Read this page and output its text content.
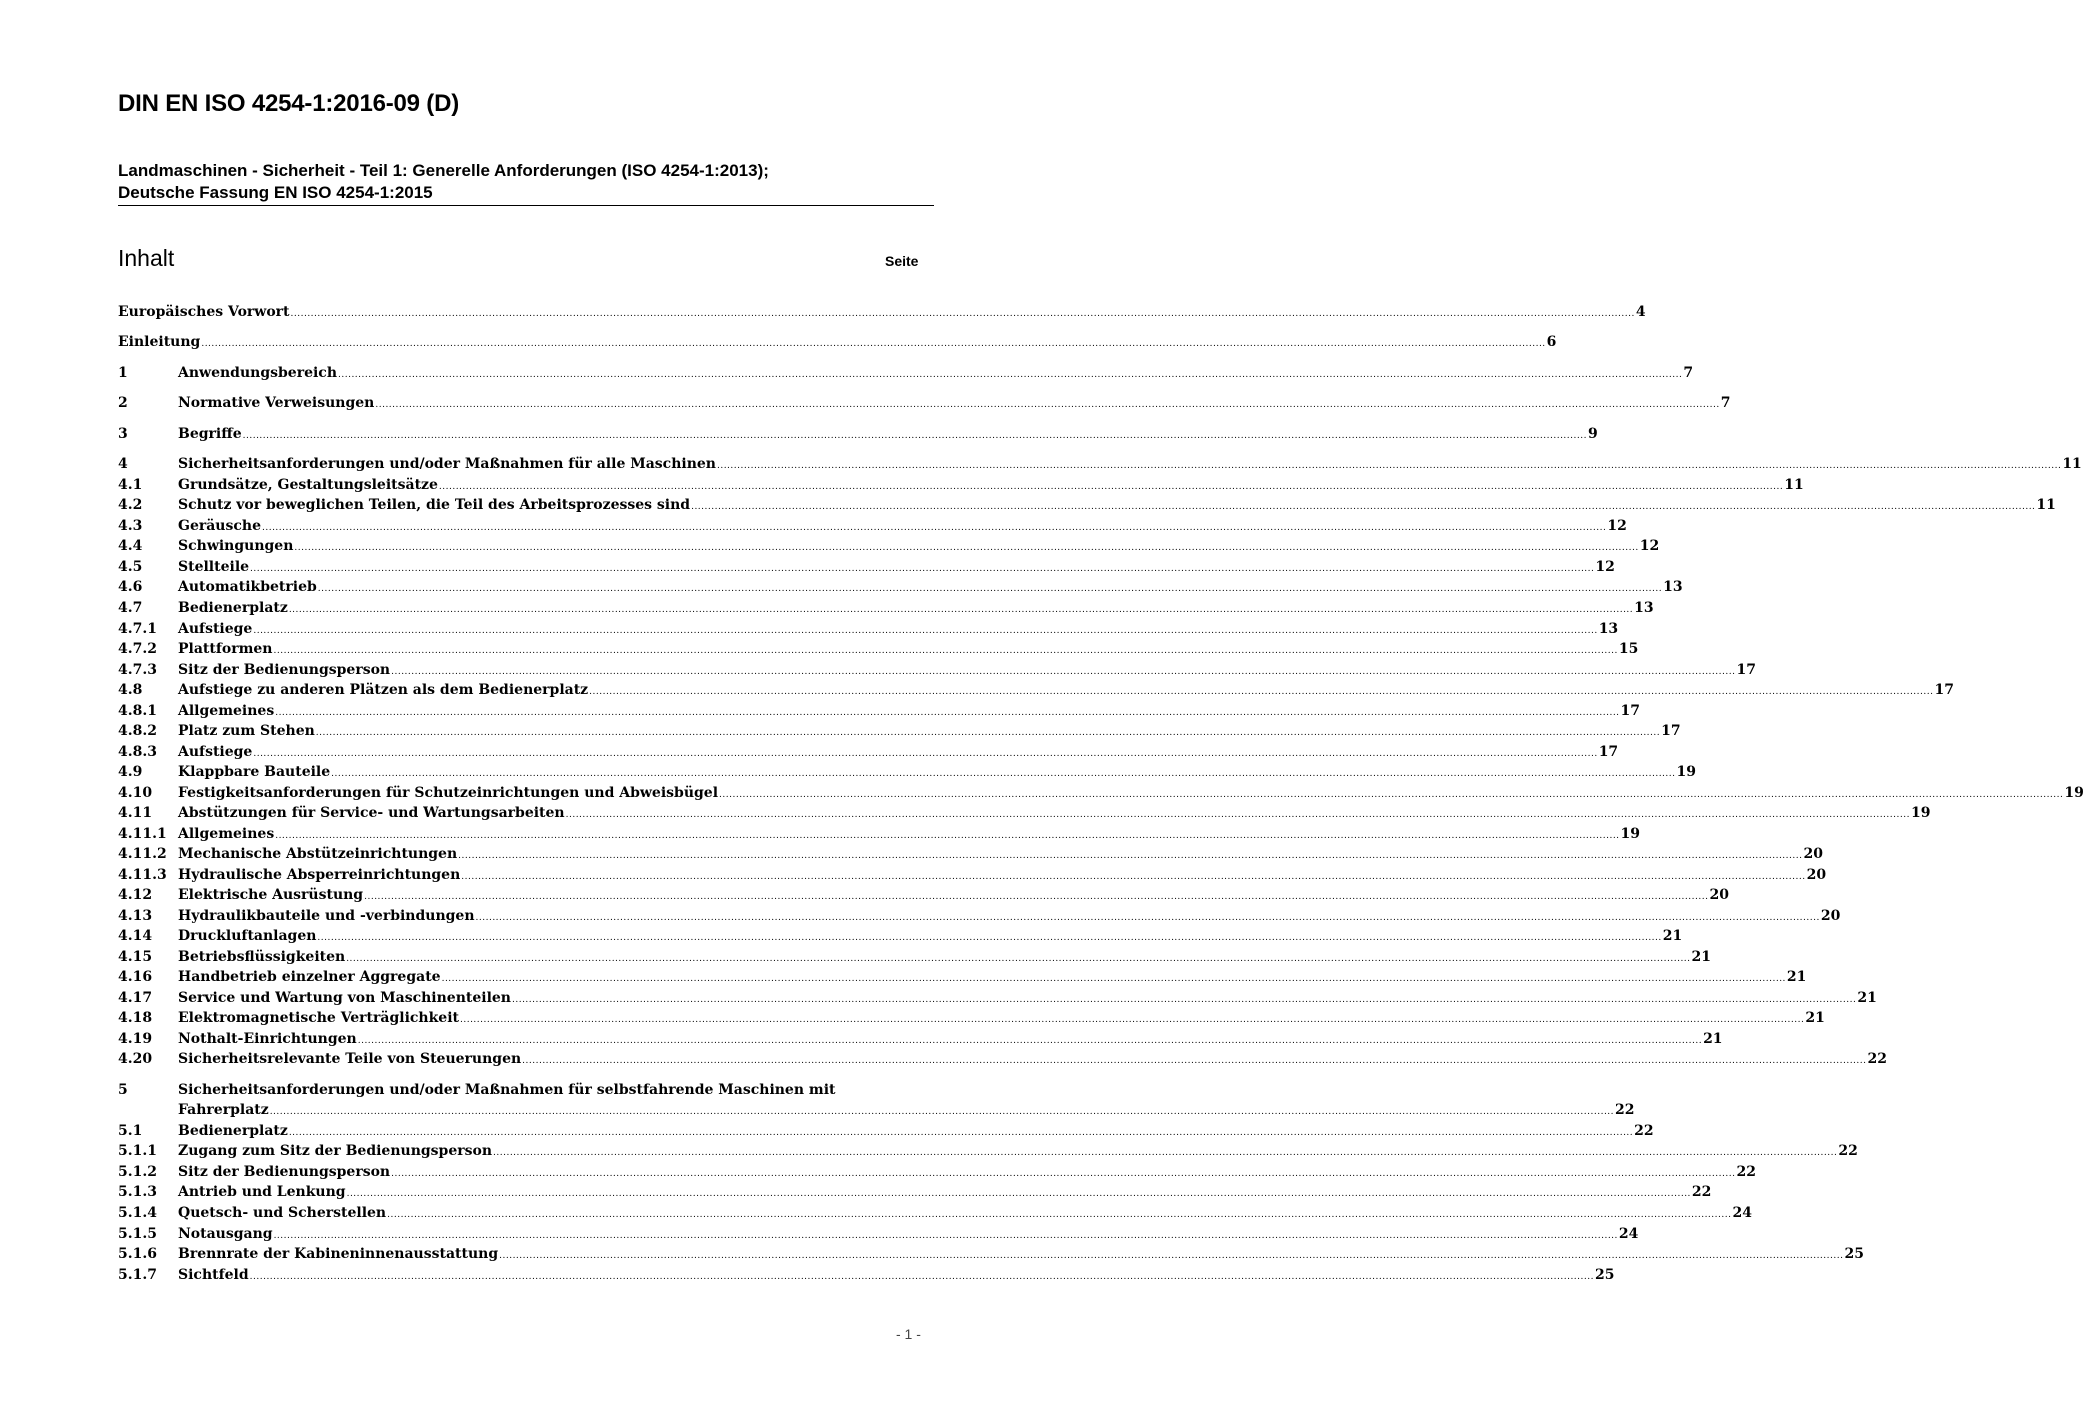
DIN EN ISO 4254-1:2016-09 (D)
Landmaschinen - Sicherheit - Teil 1: Generelle Anforderungen (ISO 4254-1:2013);
Deutsche Fassung EN ISO 4254-1:2015
Inhalt	Seite
Europäisches Vorwort ................................................................................................................................................................................................................................................................................................................................................................................................................ 4
Einleitung ................................................................................................................................................................................................................................................................................................................................................................................................................ 6
1	Anwendungsbereich ................................................................................................................................................................................................................................................................................................................................................................................................................ 7
2	Normative Verweisungen ................................................................................................................................................................................................................................................................................................................................................................................................................ 7
3	Begriffe ................................................................................................................................................................................................................................................................................................................................................................................................................ 9
4	Sicherheitsanforderungen und/oder Maßnahmen für alle Maschinen ................................................................................................................................................................................................................................................................................................................................................................................................................ 11
4.1	Grundsätze, Gestaltungsleitsätze ................................................................................................................................................................................................................................................................................................................................................................................................................ 11
4.2	Schutz vor beweglichen Teilen, die Teil des Arbeitsprozesses sind ................................................................................................................................................................................................................................................................................................................................................................................................................ 11
4.3	Geräusche ................................................................................................................................................................................................................................................................................................................................................................................................................ 12
4.4	Schwingungen ................................................................................................................................................................................................................................................................................................................................................................................................................ 12
4.5	Stellteile ................................................................................................................................................................................................................................................................................................................................................................................................................ 12
4.6	Automatikbetrieb ................................................................................................................................................................................................................................................................................................................................................................................................................ 13
4.7	Bedienerplatz ................................................................................................................................................................................................................................................................................................................................................................................................................ 13
4.7.1	Aufstiege ................................................................................................................................................................................................................................................................................................................................................................................................................ 13
4.7.2	Plattformen ................................................................................................................................................................................................................................................................................................................................................................................................................ 15
4.7.3	Sitz der Bedienungsperson ................................................................................................................................................................................................................................................................................................................................................................................................................ 17
4.8	Aufstiege zu anderen Plätzen als dem Bedienerplatz ................................................................................................................................................................................................................................................................................................................................................................................................................ 17
4.8.1	Allgemeines ................................................................................................................................................................................................................................................................................................................................................................................................................ 17
4.8.2	Platz zum Stehen ................................................................................................................................................................................................................................................................................................................................................................................................................ 17
4.8.3	Aufstiege ................................................................................................................................................................................................................................................................................................................................................................................................................ 17
4.9	Klappbare Bauteile ................................................................................................................................................................................................................................................................................................................................................................................................................ 19
4.10	Festigkeitsanforderungen für Schutzeinrichtungen und Abweisbügel ................................................................................................................................................................................................................................................................................................................................................................................................................ 19
4.11	Abstützungen für Service- und Wartungsarbeiten ................................................................................................................................................................................................................................................................................................................................................................................................................ 19
4.11.1 Allgemeines ................................................................................................................................................................................................................................................................................................................................................................................................................ 19
4.11.2 Mechanische Abstützeinrichtungen ................................................................................................................................................................................................................................................................................................................................................................................................................ 20
4.11.3 Hydraulische Absperreinrichtungen ................................................................................................................................................................................................................................................................................................................................................................................................................ 20
4.12	Elektrische Ausrüstung ................................................................................................................................................................................................................................................................................................................................................................................................................ 20
4.13	Hydraulikbauteile und -verbindungen ................................................................................................................................................................................................................................................................................................................................................................................................................ 20
4.14	Druckluftanlagen ................................................................................................................................................................................................................................................................................................................................................................................................................ 21
4.15	Betriebsflüssigkeiten ................................................................................................................................................................................................................................................................................................................................................................................................................ 21
4.16	Handbetrieb einzelner Aggregate ................................................................................................................................................................................................................................................................................................................................................................................................................ 21
4.17	Service und Wartung von Maschinenteilen ................................................................................................................................................................................................................................................................................................................................................................................................................ 21
4.18	Elektromagnetische Verträglichkeit ................................................................................................................................................................................................................................................................................................................................................................................................................ 21
4.19	Nothalt-Einrichtungen ................................................................................................................................................................................................................................................................................................................................................................................................................ 21
4.20	Sicherheitsrelevante Teile von Steuerungen ................................................................................................................................................................................................................................................................................................................................................................................................................ 22
5	Sicherheitsanforderungen und/oder Maßnahmen für selbstfahrende Maschinen mit
Fahrerplatz ................................................................................................................................................................................................................................................................................................................................................................................................................ 22
5.1	Bedienerplatz ................................................................................................................................................................................................................................................................................................................................................................................................................ 22
5.1.1	Zugang zum Sitz der Bedienungsperson ................................................................................................................................................................................................................................................................................................................................................................................................................ 22
5.1.2	Sitz der Bedienungsperson ................................................................................................................................................................................................................................................................................................................................................................................................................ 22
5.1.3	Antrieb und Lenkung ................................................................................................................................................................................................................................................................................................................................................................................................................ 22
5.1.4	Quetsch- und Scherstellen ................................................................................................................................................................................................................................................................................................................................................................................................................ 24
5.1.5	Notausgang ................................................................................................................................................................................................................................................................................................................................................................................................................ 24
5.1.6	Brennrate der Kabineninnenausstattung ................................................................................................................................................................................................................................................................................................................................................................................................................ 25
5.1.7	Sichtfeld ................................................................................................................................................................................................................................................................................................................................................................................................................ 25
- 1 -
